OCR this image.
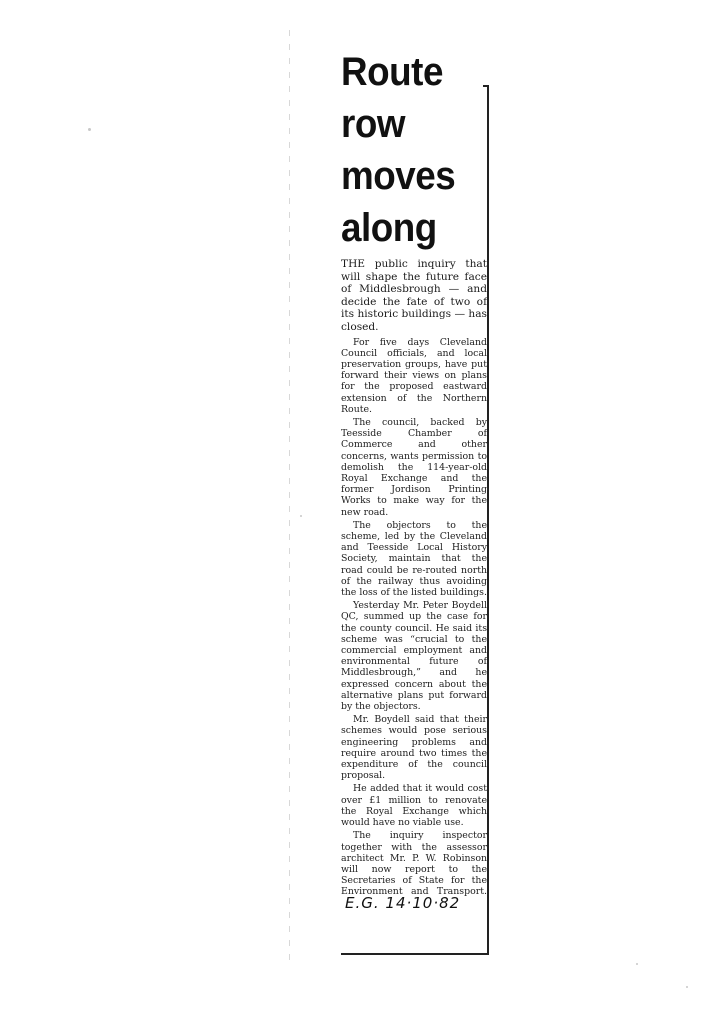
Route
row
moves
along

THE public inquiry that will shape the future face of Middlesbrough — and decide the fate of two of its historic buildings — has closed.

For five days Cleveland Council officials, and local preservation groups, have put forward their views on plans for the proposed eastward extension of the Northern Route.

The council, backed by Teesside Chamber of Commerce and other concerns, wants permission to demolish the 114-year-old Royal Exchange and the former Jordison Printing Works to make way for the new road.

The objectors to the scheme, led by the Cleveland and Teesside Local History Society, maintain that the road could be re-routed north of the railway thus avoiding the loss of the listed buildings.

Yesterday Mr. Peter Boydell QC, summed up the case for the county council. He said its scheme was “crucial to the commercial employment and environmental future of Middlesbrough,” and he expressed concern about the alternative plans put forward by the objectors.

Mr. Boydell said that their schemes would pose serious engineering problems and require around two times the expenditure of the council proposal.

He added that it would cost over £1 million to renovate the Royal Exchange which would have no viable use.

The inquiry inspector together with the assessor architect Mr. P. W. Robinson will now report to the Secretaries of State for the Environment and Transport. E.G. 14·10·82
